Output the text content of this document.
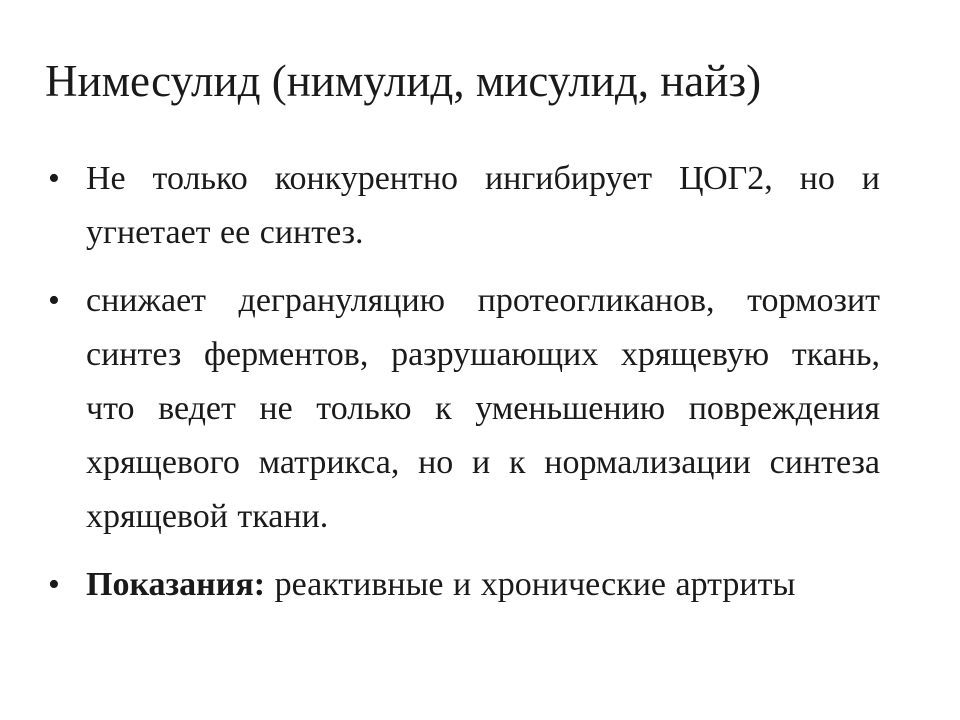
Нимесулид (нимулид, мисулид, найз)
• Не только конкурентно ингибирует ЦОГ2, но и угнетает ее синтез.
• снижает дегрануляцию протеогликанов, тормозит синтез ферментов, разрушающих хрящевую ткань, что ведет не только к уменьшению повреждения хрящевого матрикса, но и к нормализации синтеза хрящевой ткани.
• Показания: реактивные и хронические артриты
